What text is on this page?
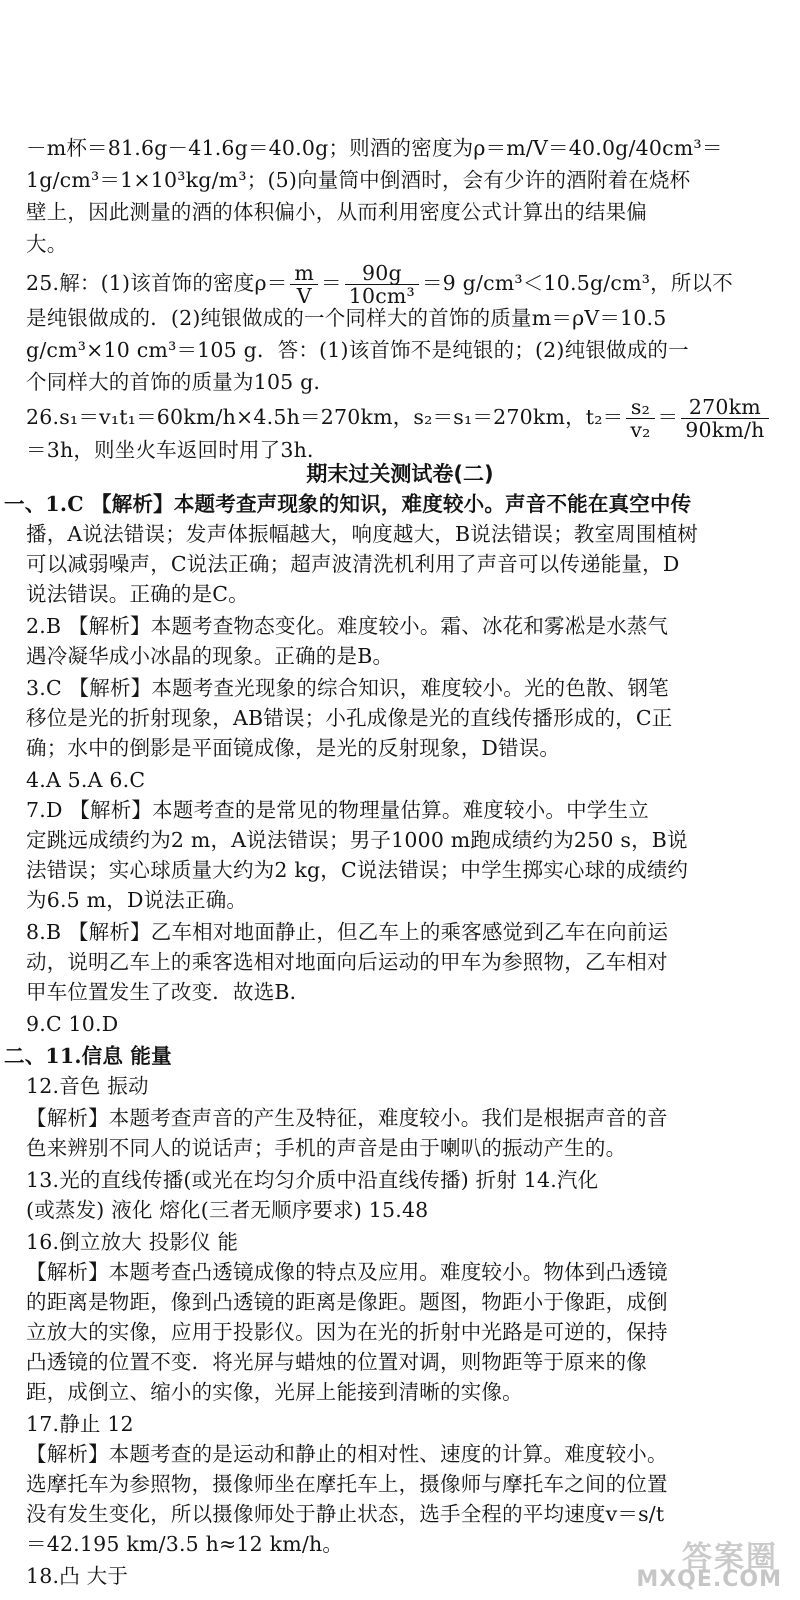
－m杯＝81.6g－41.6g＝40.0g；则酒的密度为ρ＝m/V＝40.0g/40cm³＝
1g/cm³＝1×10³kg/m³；(5)向量筒中倒酒时，会有少许的酒附着在烧杯
壁上，因此测量的酒的体积偏小，从而利用密度公式计算出的结果偏
大。
25.解：(1)该首饰的密度$\rho= \frac{m}{V} = \frac{90g}{\text{10cm³}} =9$ g/cm³＜10.5g/cm³，所以不
是纯银做成的．(2)纯银做成的一个同样大的首饰的质量m＝ρV＝10.5
g/cm³×10 cm³＝105 g．答：(1)该首饰不是纯银的；(2)纯银做成的一
个同样大的首饰的质量为105 g．
26.s₁＝v₁t₁＝60km/h×4.5h＝270km，s₂＝s₁＝270km，$t_2= \frac{\text{s₂}}{\text{v₂}} = \frac{270km}{90km/h}$
＝3h，则坐火车返回时用了3h．
期末过关测试卷(二)
一、1.C 【解析】本题考查声现象的知识，难度较小。声音不能在真空中传
播，A说法错误；发声体振幅越大，响度越大，B说法错误；教室周围植树
可以减弱噪声，C说法正确；超声波清洗机利用了声音可以传递能量，D
说法错误。正确的是C。
2.B 【解析】本题考查物态变化。难度较小。霜、冰花和雾凇是水蒸气
遇冷凝华成小冰晶的现象。正确的是B。
3.C 【解析】本题考查光现象的综合知识，难度较小。光的色散、钢笔
移位是光的折射现象，AB错误；小孔成像是光的直线传播形成的，C正
确；水中的倒影是平面镜成像，是光的反射现象，D错误。
4.A 5.A 6.C
7.D 【解析】本题考查的是常见的物理量估算。难度较小。中学生立
定跳远成绩约为2 m，A说法错误；男子1000 m跑成绩约为250 s，B说
法错误；实心球质量大约为2 kg，C说法错误；中学生掷实心球的成绩约
为6.5 m，D说法正确。
8.B 【解析】乙车相对地面静止，但乙车上的乘客感觉到乙车在向前运
动，说明乙车上的乘客选相对地面向后运动的甲车为参照物，乙车相对
甲车位置发生了改变．故选B．
9.C 10.D
二、11.信息 能量
12.音色 振动
【解析】本题考查声音的产生及特征，难度较小。我们是根据声音的音
色来辨别不同人的说话声；手机的声音是由于喇叭的振动产生的。
13.光的直线传播(或光在均匀介质中沿直线传播) 折射 14.汽化
(或蒸发) 液化 熔化(三者无顺序要求) 15.48
16.倒立放大 投影仪 能
【解析】本题考查凸透镜成像的特点及应用。难度较小。物体到凸透镜
的距离是物距，像到凸透镜的距离是像距。题图，物距小于像距，成倒
立放大的实像，应用于投影仪。因为在光的折射中光路是可逆的，保持
凸透镜的位置不变．将光屏与蜡烛的位置对调，则物距等于原来的像
距，成倒立、缩小的实像，光屏上能接到清晰的实像。
17.静止 12
【解析】本题考查的是运动和静止的相对性、速度的计算。难度较小。
选摩托车为参照物，摄像师坐在摩托车上，摄像师与摩托车之间的位置
没有发生变化，所以摄像师处于静止状态，选手全程的平均速度v＝s/t
＝42.195 km/3.5 h≈12 km/h。
18.凸 大于
答案圈
MXQE.COM
